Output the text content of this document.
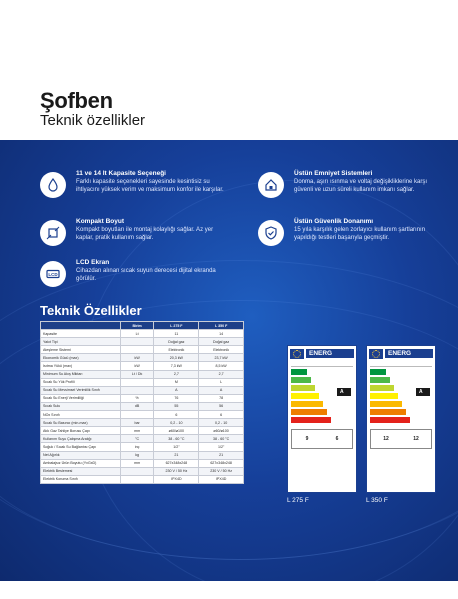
Şofben
Teknik özellikler
11 ve 14 lt Kapasite Seçeneği
Farklı kapasite seçenekleri sayesinde kesintisiz su ihtiyacını yüksek verim ve maksimum konfor ile karşılar.
Üstün Emniyet Sistemleri
Donma, aşırı ısınma ve voltaj değişikliklerine karşı güvenli ve uzun süreli kullanım imkanı sağlar.
Kompakt Boyut
Kompakt boyutları ile montaj kolaylığı sağlar. Az yer kaplar, pratik kullanım sağlar.
Üstün Güvenlik Donanımı
15 yıla karşılık gelen zorlayıcı kullanım şartlarının yapıldığı testleri başarıyla geçmiştir.
LCD
LCD Ekran
Cihazdan alınan sıcak suyun derecesi dijital ekranda görülür.
Teknik Özellikler
	Birim	L 275 F	L 350 F
Kapasite	Lt	11	14
Yakıt Tipi		Doğal gaz	Doğal gaz
Ateşleme Sistemi		Elektronik	Elektronik
Ekonomik Gücü (max)	kW	20,3 kW	23,7 kW
Isıtma Yükü (max)	kW	7,3 kW	8,5 kW
Minimum Su Akış Miktarı	Lt / Dk	2,7	2,7
Sıcak Su Yük Profili		M	L
Sıcak Su Mevsimsel Verimlilik Sınıfı		A	A
Sıcak Su Enerji Verimliliği	%	76	78
Sıcak Sulu	dB	55	56
NOx Sınıfı		6	6
Sıcak Su Basıncı (min-max)	bar	0,2 - 10	0,2 - 10
Atık Gaz Tahliye Borusu Çapı	mm	ø60/ø100	ø60/ø100
Kullanım Suyu Çalışma Aralığı	°C	38 - 60 °C	38 - 60 °C
Soğuk / Sıcak Su Bağlantısı Çapı	inç	1/2"	1/2"
Net Ağırlık	kg	21	21
Ambalajsız Ürün Boyutu (YxGxD)	mm	627x348x248	627x348x248
Elektrik Beslemesi		230 V / 50 Hz	230 V / 50 Hz
Elektrik Koruma Sınıfı		IPX4D	IPX4D
ENERG
A
9	6
L 275 F
ENERG
A
12	12
L 350 F
